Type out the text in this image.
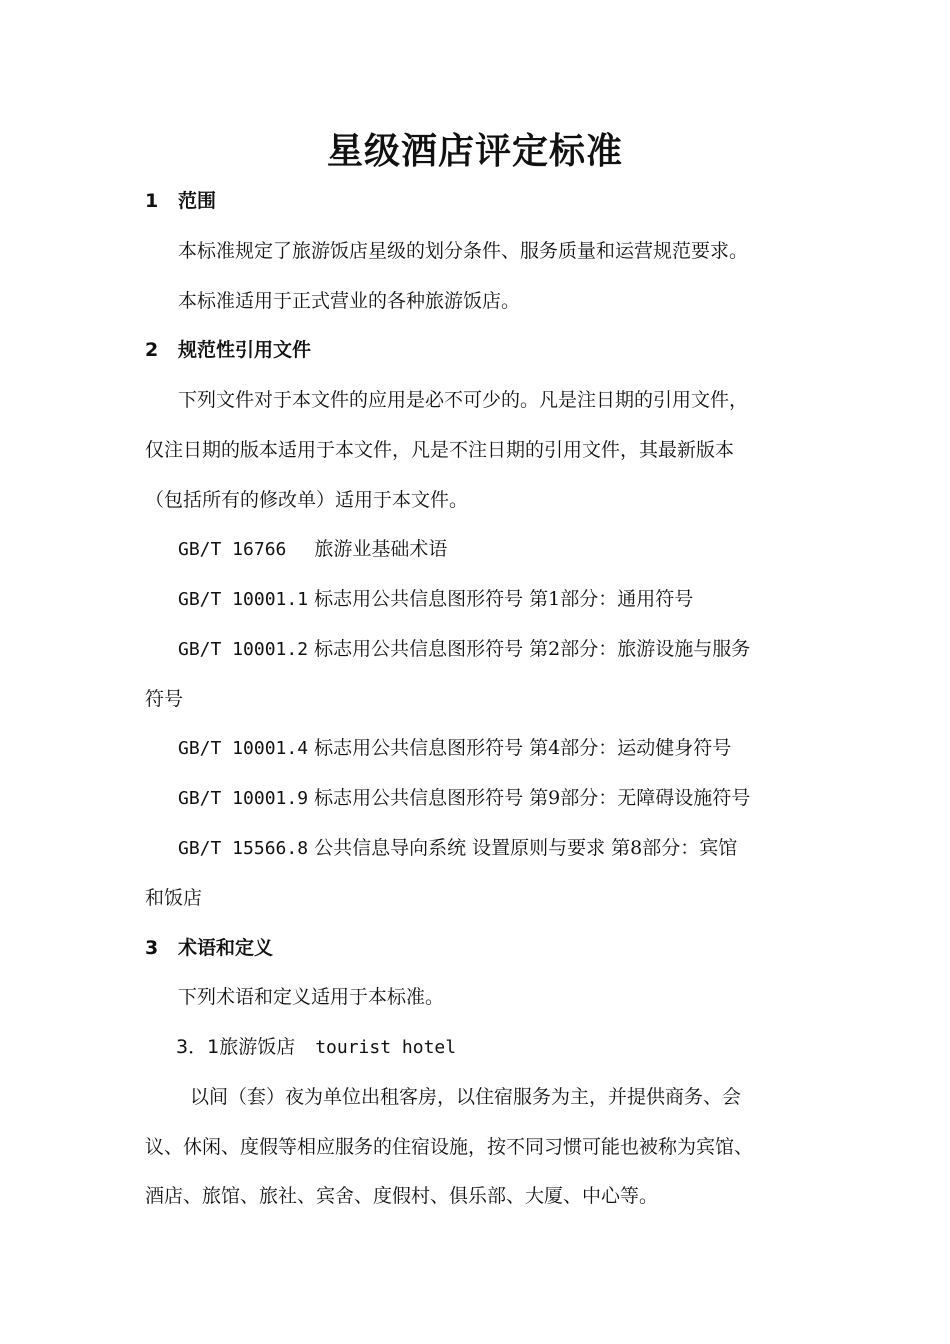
星级酒店评定标准
1 范围
本标准规定了旅游饭店星级的划分条件、服务质量和运营规范要求。
本标准适用于正式营业的各种旅游饭店。
2 规范性引用文件
下列文件对于本文件的应用是必不可少的。凡是注日期的引用文件，
仅注日期的版本适用于本文件，凡是不注日期的引用文件，其最新版本
（包括所有的修改单）适用于本文件。
GB/T 16766 旅游业基础术语
GB/T 10001.1 标志用公共信息图形符号 第1部分：通用符号
GB/T 10001.2 标志用公共信息图形符号 第2部分：旅游设施与服务
符号
GB/T 10001.4 标志用公共信息图形符号 第4部分：运动健身符号
GB/T 10001.9 标志用公共信息图形符号 第9部分：无障碍设施符号
GB/T 15566.8 公共信息导向系统 设置原则与要求 第8部分：宾馆
和饭店
3 术语和定义
下列术语和定义适用于本标准。
3．1旅游饭店 tourist hotel
以间（套）夜为单位出租客房，以住宿服务为主，并提供商务、会
议、休闲、度假等相应服务的住宿设施，按不同习惯可能也被称为宾馆、
酒店、旅馆、旅社、宾舍、度假村、俱乐部、大厦、中心等。
